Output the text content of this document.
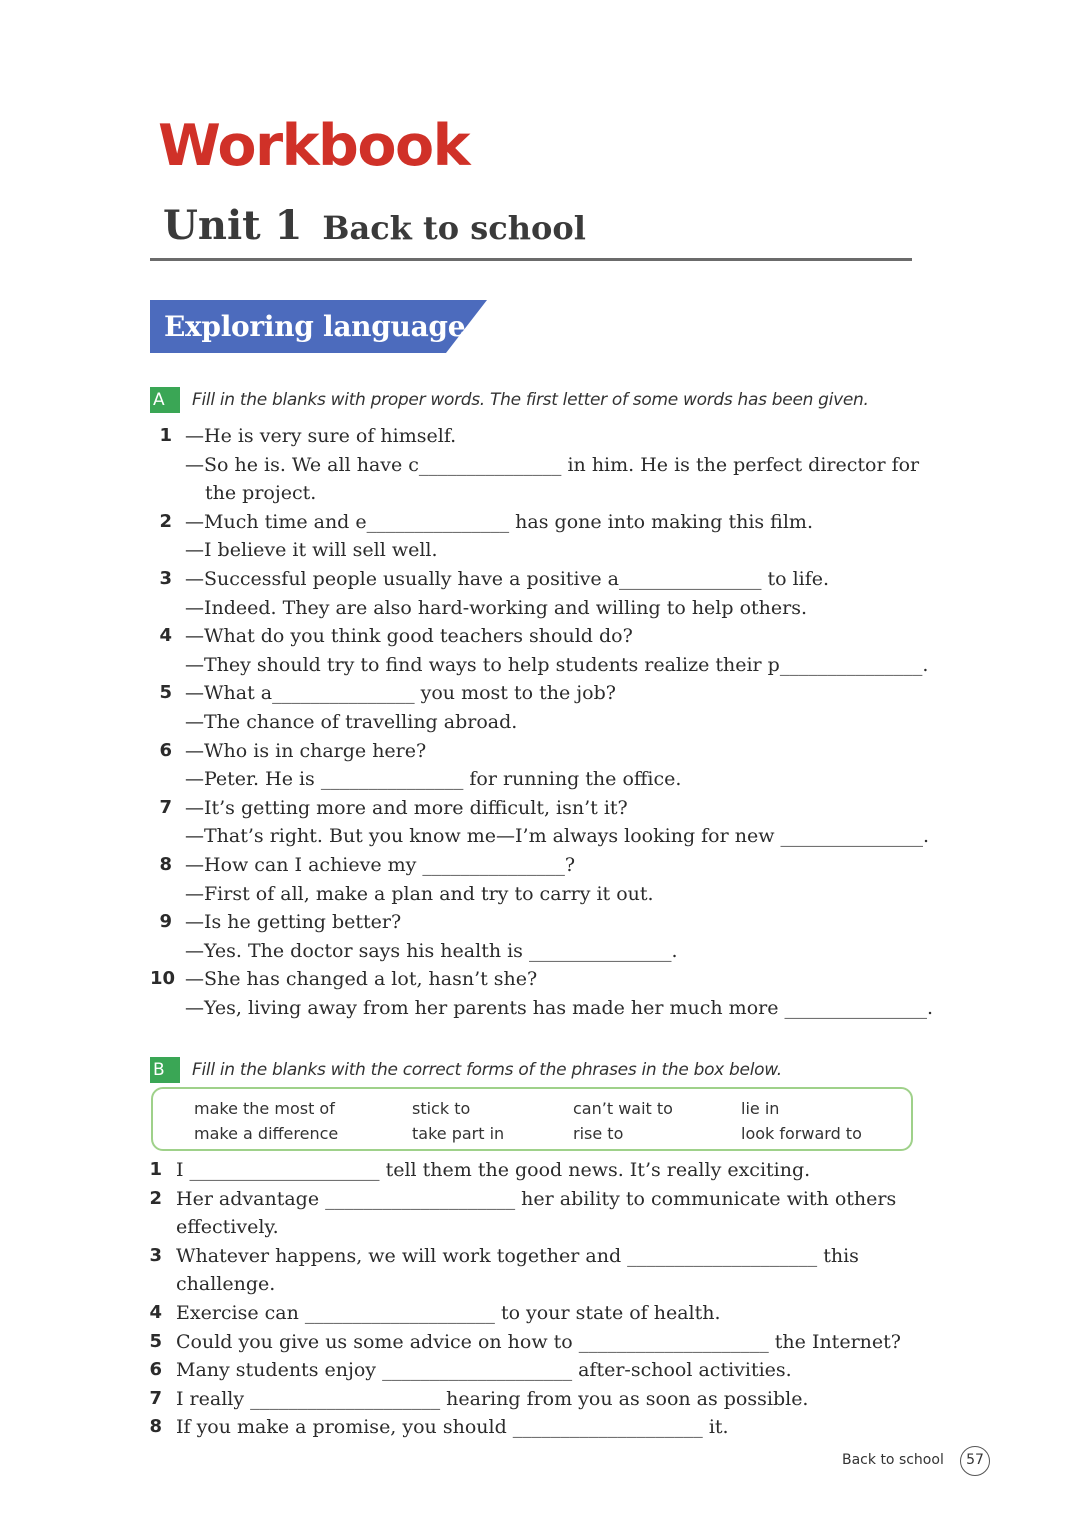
Workbook
Unit 1 Back to school
Exploring language
A	Fill in the blanks with proper words. The first letter of some words has been given.
1 —He is very sure of himself.
—So he is. We all have c_______________ in him. He is the perfect director for
the project.
2 —Much time and e_______________ has gone into making this film.
—I believe it will sell well.
3 —Successful people usually have a positive a_______________ to life.
—Indeed. They are also hard-working and willing to help others.
4 —What do you think good teachers should do?
—They should try to find ways to help students realize their p_______________.
5 —What a_______________ you most to the job?
—The chance of travelling abroad.
6 —Who is in charge here?
—Peter. He is _______________ for running the office.
7 —It’s getting more and more difficult, isn’t it?
—That’s right. But you know me—I’m always looking for new _______________.
8 —How can I achieve my _______________?
—First of all, make a plan and try to carry it out.
9 —Is he getting better?
—Yes. The doctor says his health is _______________.
10 —She has changed a lot, hasn’t she?
—Yes, living away from her parents has made her much more _______________.
B	Fill in the blanks with the correct forms of the phrases in the box below.
make the most of	stick to	can’t wait to	lie in
make a difference	take part in	rise to	look forward to
1 I ____________________ tell them the good news. It’s really exciting.
2 Her advantage ____________________ her ability to communicate with others
effectively.
3 Whatever happens, we will work together and ____________________ this
challenge.
4 Exercise can ____________________ to your state of health.
5 Could you give us some advice on how to ____________________ the Internet?
6 Many students enjoy ____________________ after-school activities.
7 I really ____________________ hearing from you as soon as possible.
8 If you make a promise, you should ____________________ it.
Back to school	57
